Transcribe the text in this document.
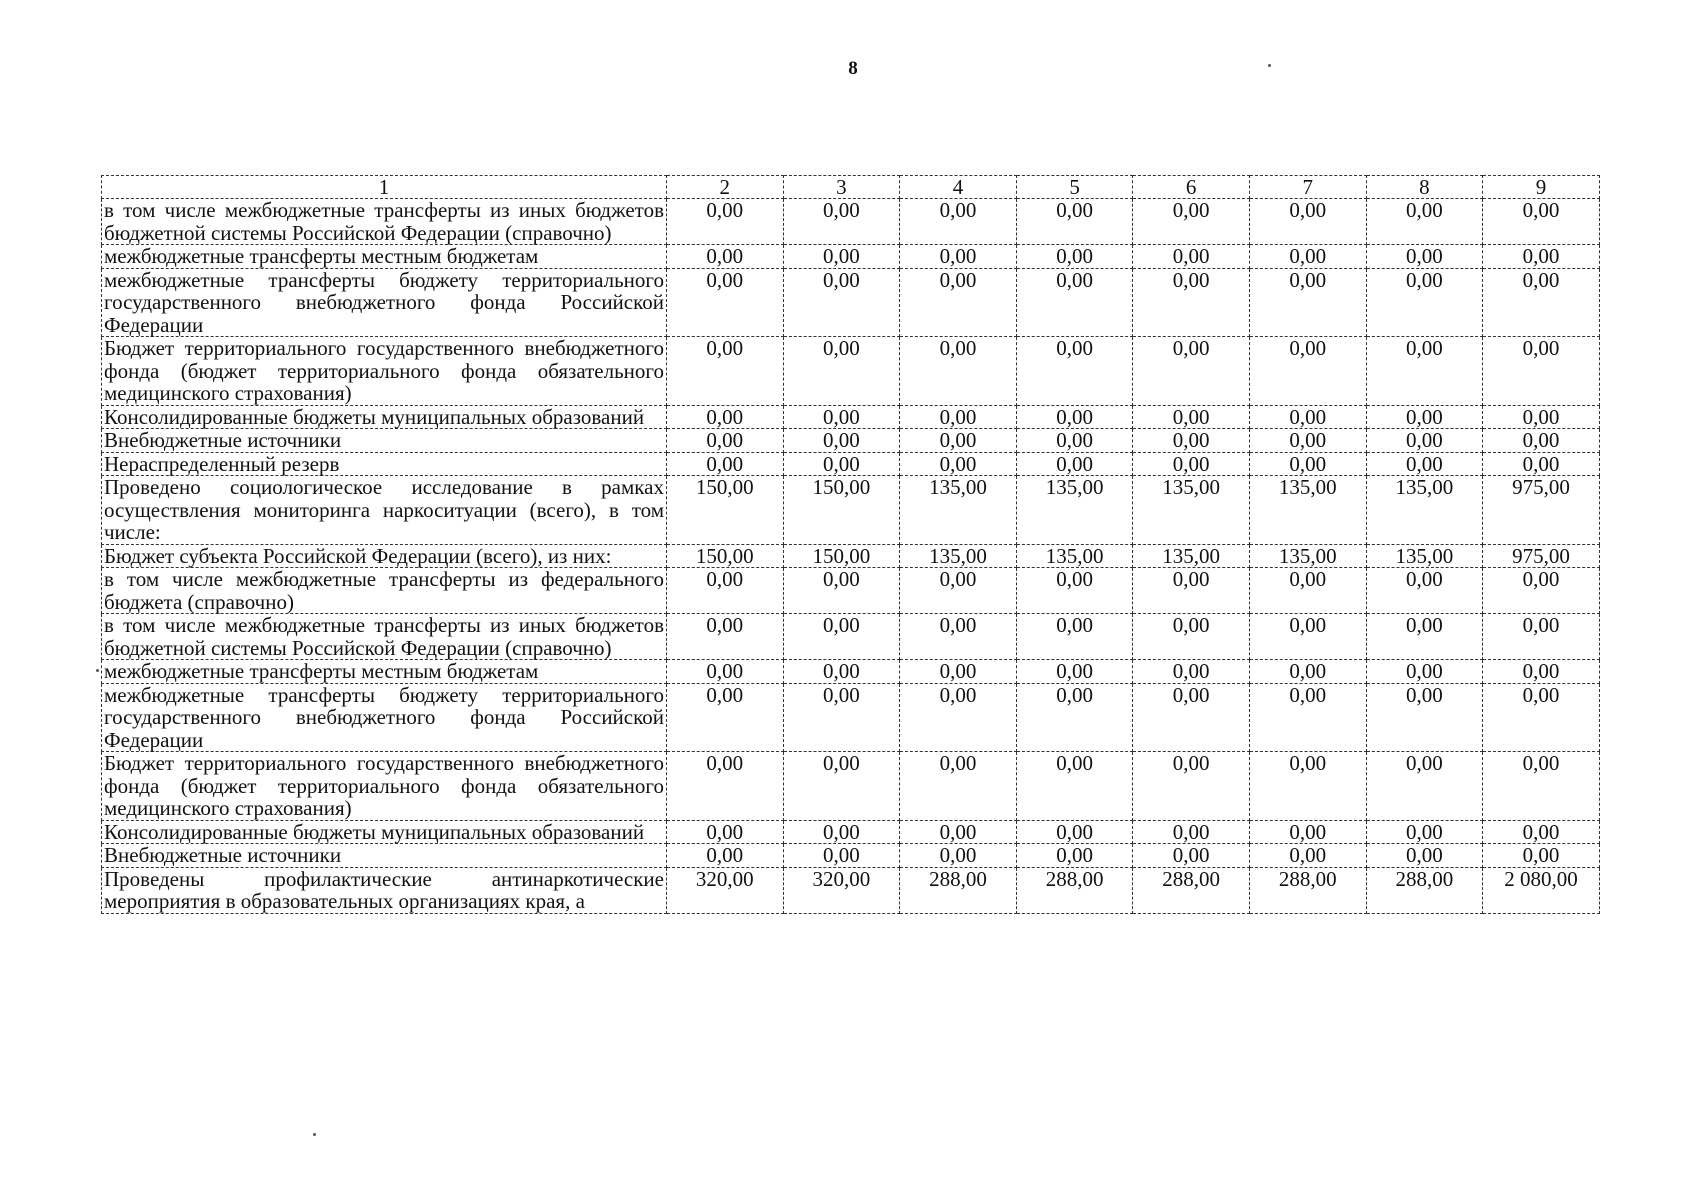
8
1	2	3	4	5	6	7	8	9
в том числе межбюджетные трансферты из иных бюджетов бюджетной системы Российской Федерации (справочно)	0,00	0,00	0,00	0,00	0,00	0,00	0,00	0,00
межбюджетные трансферты местным бюджетам	0,00	0,00	0,00	0,00	0,00	0,00	0,00	0,00
межбюджетные трансферты бюджету территориального государственного внебюджетного фонда Российской Федерации	0,00	0,00	0,00	0,00	0,00	0,00	0,00	0,00
Бюджет территориального государственного внебюджетного фонда (бюджет территориального фонда обязательного медицинского страхования)	0,00	0,00	0,00	0,00	0,00	0,00	0,00	0,00
Консолидированные бюджеты муниципальных образований	0,00	0,00	0,00	0,00	0,00	0,00	0,00	0,00
Внебюджетные источники	0,00	0,00	0,00	0,00	0,00	0,00	0,00	0,00
Нераспределенный резерв	0,00	0,00	0,00	0,00	0,00	0,00	0,00	0,00
Проведено социологическое исследование в рамках осуществления мониторинга наркоситуации (всего), в том числе:	150,00	150,00	135,00	135,00	135,00	135,00	135,00	975,00
Бюджет субъекта Российской Федерации (всего), из них:	150,00	150,00	135,00	135,00	135,00	135,00	135,00	975,00
в том числе межбюджетные трансферты из федерального бюджета (справочно)	0,00	0,00	0,00	0,00	0,00	0,00	0,00	0,00
в том числе межбюджетные трансферты из иных бюджетов бюджетной системы Российской Федерации (справочно)	0,00	0,00	0,00	0,00	0,00	0,00	0,00	0,00
межбюджетные трансферты местным бюджетам	0,00	0,00	0,00	0,00	0,00	0,00	0,00	0,00
межбюджетные трансферты бюджету территориального государственного внебюджетного фонда Российской Федерации	0,00	0,00	0,00	0,00	0,00	0,00	0,00	0,00
Бюджет территориального государственного внебюджетного фонда (бюджет территориального фонда обязательного медицинского страхования)	0,00	0,00	0,00	0,00	0,00	0,00	0,00	0,00
Консолидированные бюджеты муниципальных образований	0,00	0,00	0,00	0,00	0,00	0,00	0,00	0,00
Внебюджетные источники	0,00	0,00	0,00	0,00	0,00	0,00	0,00	0,00
Проведены профилактические антинаркотические мероприятия в образовательных организациях края, а	320,00	320,00	288,00	288,00	288,00	288,00	288,00	2 080,00
